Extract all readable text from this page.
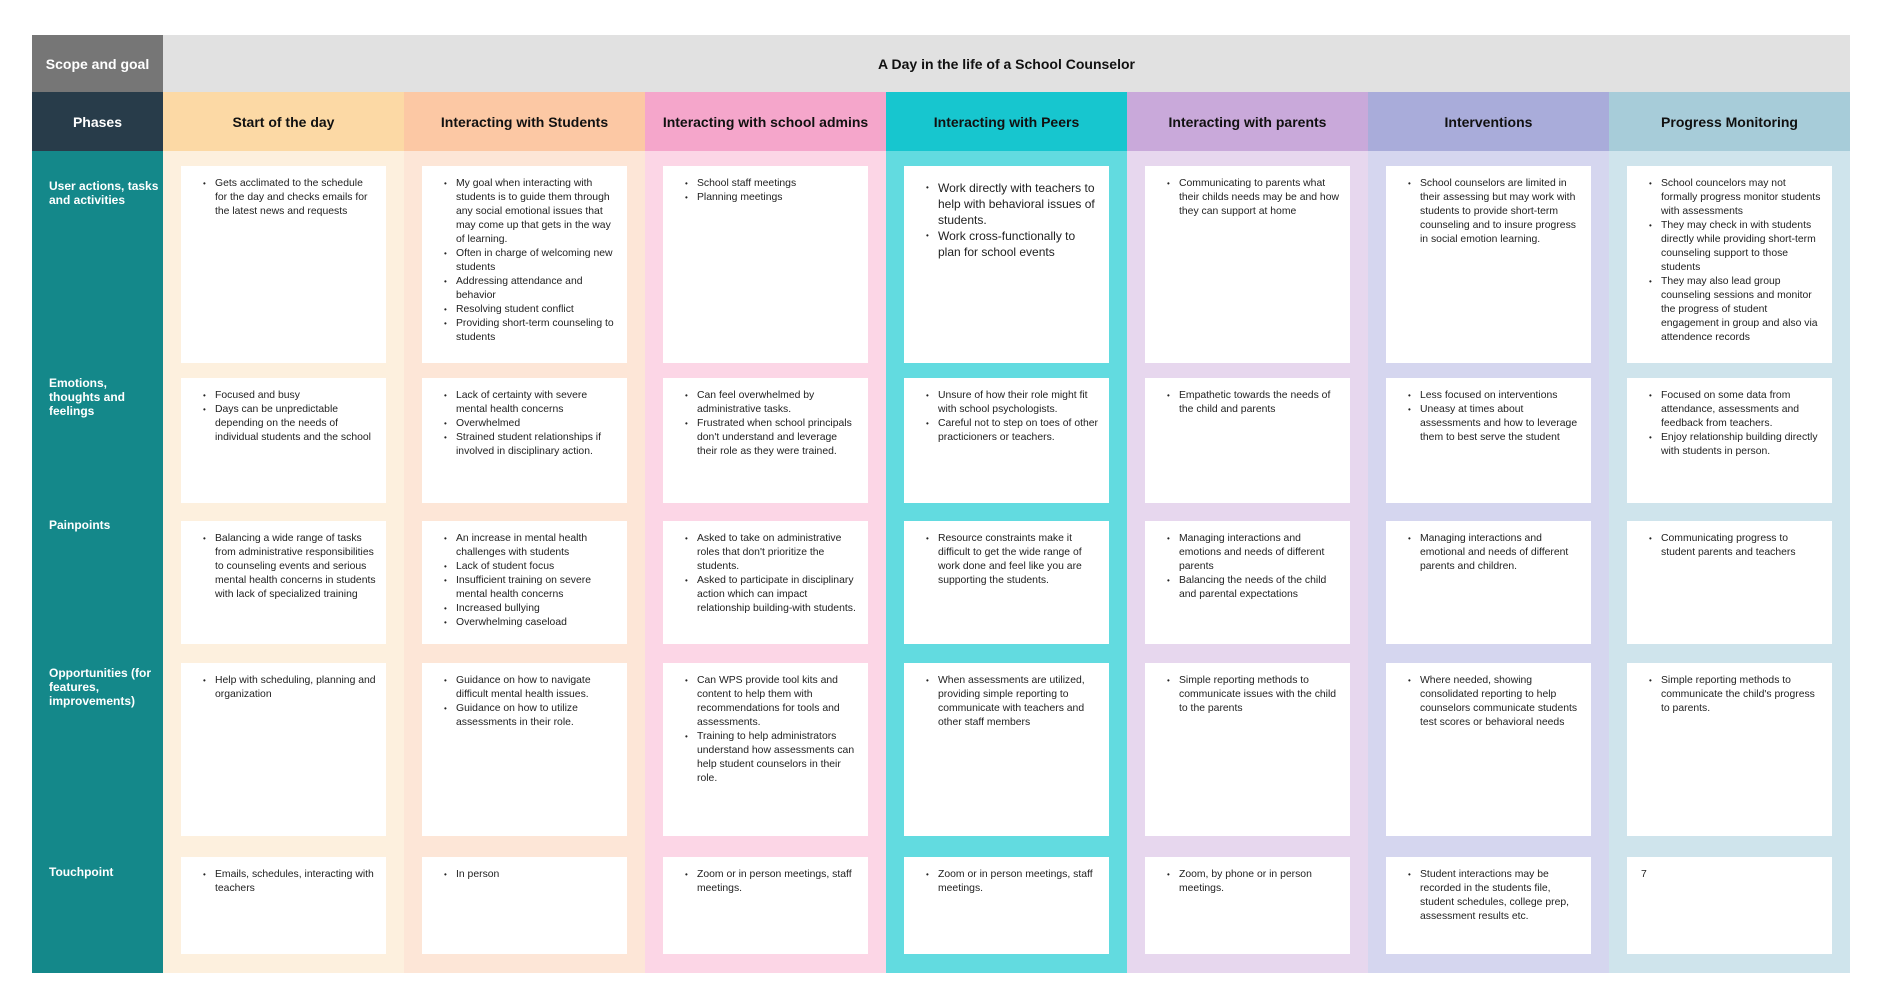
Scope and goal	A Day in the life of a School Counselor
Phases
User actions, tasks and activities
Emotions, thoughts and feelings
Painpoints
Opportunities (for features, improvements)
Touchpoint
Start of the day
• Gets acclimated to the schedule for the day and checks emails for the latest news and requests
• Focused and busy
• Days can be unpredictable depending on the needs of individual students and the school
• Balancing a wide range of tasks from administrative responsibilities to counseling events and serious mental health concerns in students with lack of specialized training
• Help with scheduling, planning and organization
• Emails, schedules, interacting with teachers
Interacting with Students
• My goal when interacting with students is to guide them through any social emotional issues that may come up that gets in the way of learning.
• Often in charge of welcoming new students
• Addressing attendance and behavior
• Resolving student conflict
• Providing short-term counseling to students
• Lack of certainty with severe mental health concerns
• Overwhelmed
• Strained student relationships if involved in disciplinary action.
• An increase in mental health challenges with students
• Lack of student focus
• Insufficient training on severe mental health concerns
• Increased bullying
• Overwhelming caseload
• Guidance on how to navigate difficult mental health issues.
• Guidance on how to utilize assessments in their role.
• In person
Interacting with school admins
• School staff meetings
• Planning meetings
• Can feel overwhelmed by administrative tasks.
• Frustrated when school principals don't understand and leverage their role as they were trained.
• Asked to take on administrative roles that don't prioritize the students.
• Asked to participate in disciplinary action which can impact relationship building-with students.
• Can WPS provide tool kits and content to help them with recommendations for tools and assessments.
• Training to help administrators understand how assessments can help student counselors in their role.
• Zoom or in person meetings, staff meetings.
Interacting with Peers
• Work directly with teachers to help with behavioral issues of students.
• Work cross-functionally to plan for school events
• Unsure of how their role might fit with school psychologists.
• Careful not to step on toes of other practicioners or teachers.
• Resource constraints make it difficult to get the wide range of work done and feel like you are supporting the students.
• When assessments are utilized, providing simple reporting to communicate with teachers and other staff members
• Zoom or in person meetings, staff meetings.
Interacting with parents
• Communicating to parents what their childs needs may be and how they can support at home
• Empathetic towards the needs of the child and parents
• Managing interactions and emotions and needs of different parents
• Balancing the needs of the child and parental expectations
• Simple reporting methods to communicate issues with the child to the parents
• Zoom, by phone or in person meetings.
Interventions
• School counselors are limited in their assessing but may work with students to provide short-term counseling and to insure progress in social emotion learning.
• Less focused on interventions
• Uneasy at times about assessments and how to leverage them to best serve the student
• Managing interactions and emotional and needs of different parents and children.
• Where needed, showing consolidated reporting to help counselors communicate students test scores or behavioral needs
• Student interactions may be recorded in the students file, student schedules, college prep, assessment results etc.
Progress Monitoring
• School councelors may not formally progress monitor students with assessments
• They may check in with students directly while providing short-term counseling support to those students
• They may also lead group counseling sessions and monitor the progress of student engagement in group and also via attendence records
• Focused on some data from attendance, assessments and feedback from teachers.
• Enjoy relationship building directly with students in person.
• Communicating progress to student parents and teachers
• Simple reporting methods to communicate the child's progress to parents.
7
